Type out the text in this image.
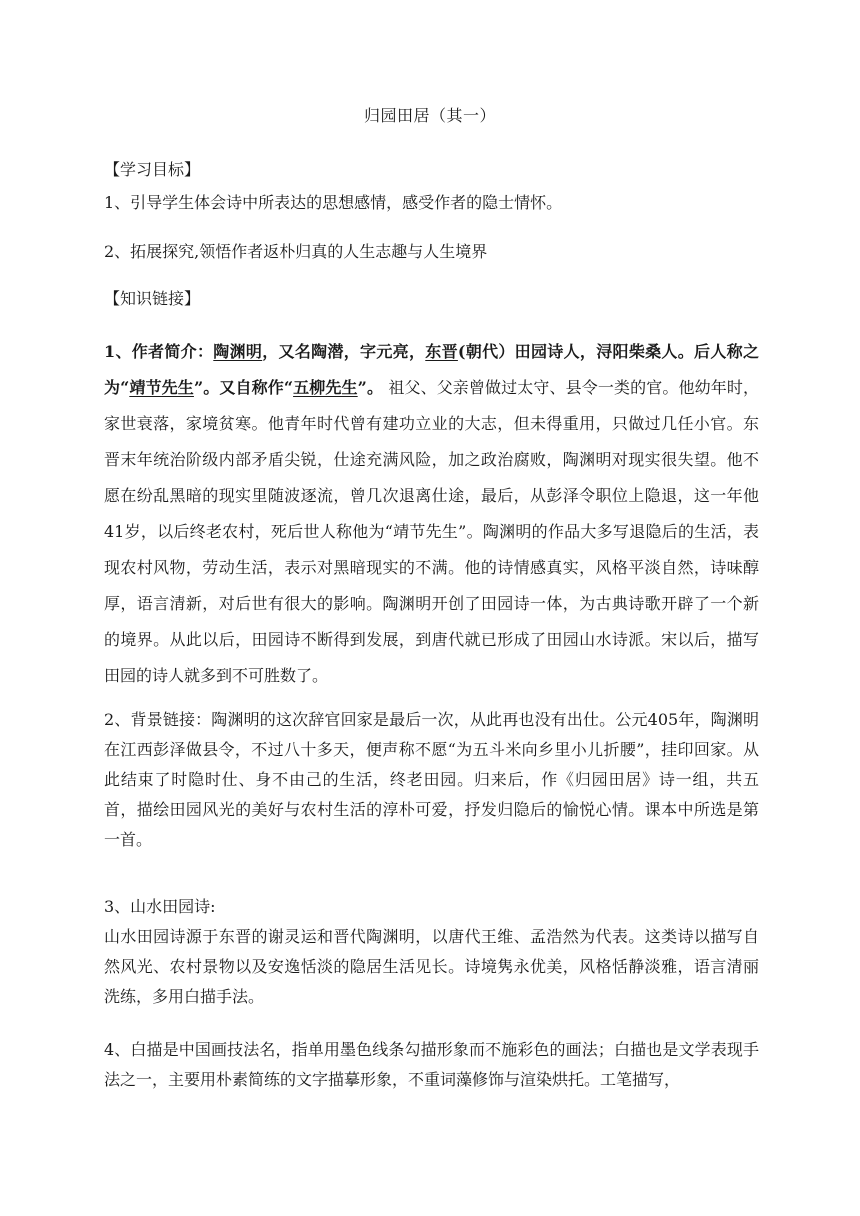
归园田居（其一）
【学习目标】
1、引导学生体会诗中所表达的思想感情，感受作者的隐士情怀。
2、拓展探究,领悟作者返朴归真的人生志趣与人生境界
【知识链接】

1、作者简介：陶渊明，又名陶潜，字元亮，东晋(朝代）田园诗人，浔阳柴桑人。后人称之为“靖节先生”。又自称作“五柳先生”。 祖父、父亲曾做过太守、县令一类的官。他幼年时，家世衰落，家境贫寒。他青年时代曾有建功立业的大志，但未得重用，只做过几任小官。东晋末年统治阶级内部矛盾尖锐，仕途充满风险，加之政治腐败，陶渊明对现实很失望。他不愿在纷乱黑暗的现实里随波逐流，曾几次退离仕途，最后，从彭泽令职位上隐退，这一年他41岁，以后终老农村，死后世人称他为“靖节先生”。陶渊明的作品大多写退隐后的生活，表现农村风物，劳动生活，表示对黑暗现实的不满。他的诗情感真实，风格平淡自然，诗味醇厚，语言清新，对后世有很大的影响。陶渊明开创了田园诗一体，为古典诗歌开辟了一个新的境界。从此以后，田园诗不断得到发展，到唐代就已形成了田园山水诗派。宋以后，描写田园的诗人就多到不可胜数了。

2、背景链接：陶渊明的这次辞官回家是最后一次，从此再也没有出仕。公元405年，陶渊明在江西彭泽做县令，不过八十多天，便声称不愿“为五斗米向乡里小儿折腰”，挂印回家。从此结束了时隐时仕、身不由己的生活，终老田园。归来后，作《归园田居》诗一组，共五首，描绘田园风光的美好与农村生活的淳朴可爱，抒发归隐后的愉悦心情。课本中所选是第一首。

3、山水田园诗:

山水田园诗源于东晋的谢灵运和晋代陶渊明，以唐代王维、孟浩然为代表。这类诗以描写自然风光、农村景物以及安逸恬淡的隐居生活见长。诗境隽永优美，风格恬静淡雅，语言清丽洗练，多用白描手法。

4、白描是中国画技法名，指单用墨色线条勾描形象而不施彩色的画法；白描也是文学表现手法之一，主要用朴素简练的文字描摹形象，不重词藻修饰与渲染烘托。工笔描写，
